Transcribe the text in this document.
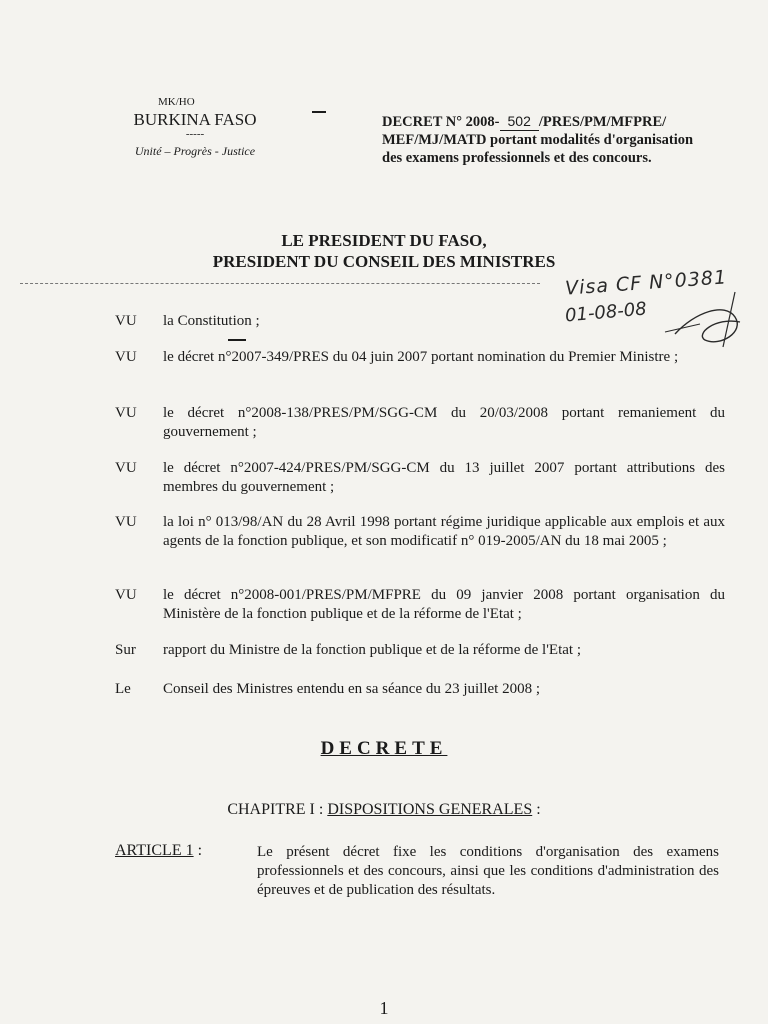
MK/HO
BURKINA FASO
-----
Unité – Progrès - Justice
DECRET N° 2008- 502 /PRES/PM/MFPRE/
MEF/MJ/MATD portant modalités d'organisation
des examens professionnels et des concours.
LE PRESIDENT DU FASO,
PRESIDENT DU CONSEIL DES MINISTRES
Visa CF N°0381
01-08-08
VU	la Constitution ;
VU	le décret n°2007-349/PRES du 04 juin 2007 portant nomination du Premier Ministre ;
VU	le décret n°2008-138/PRES/PM/SGG-CM du 20/03/2008 portant remaniement du gouvernement ;
VU	le décret n°2007-424/PRES/PM/SGG-CM du 13 juillet 2007 portant attributions des membres du gouvernement ;
VU	la loi n° 013/98/AN du 28 Avril 1998 portant régime juridique applicable aux emplois et aux agents de la fonction publique, et son modificatif n° 019-2005/AN du 18 mai 2005 ;
VU	le décret n°2008-001/PRES/PM/MFPRE du 09 janvier 2008 portant organisation du Ministère de la fonction publique et de la réforme de l'Etat ;
Sur	rapport du Ministre de la fonction publique et de la réforme de l'Etat ;
Le	Conseil des Ministres entendu en sa séance du 23 juillet 2008 ;
DECRETE
CHAPITRE I : DISPOSITIONS GENERALES :
ARTICLE 1 :	Le présent décret fixe les conditions d'organisation des examens professionnels et des concours, ainsi que les conditions d'administration des épreuves et de publication des résultats.
1
